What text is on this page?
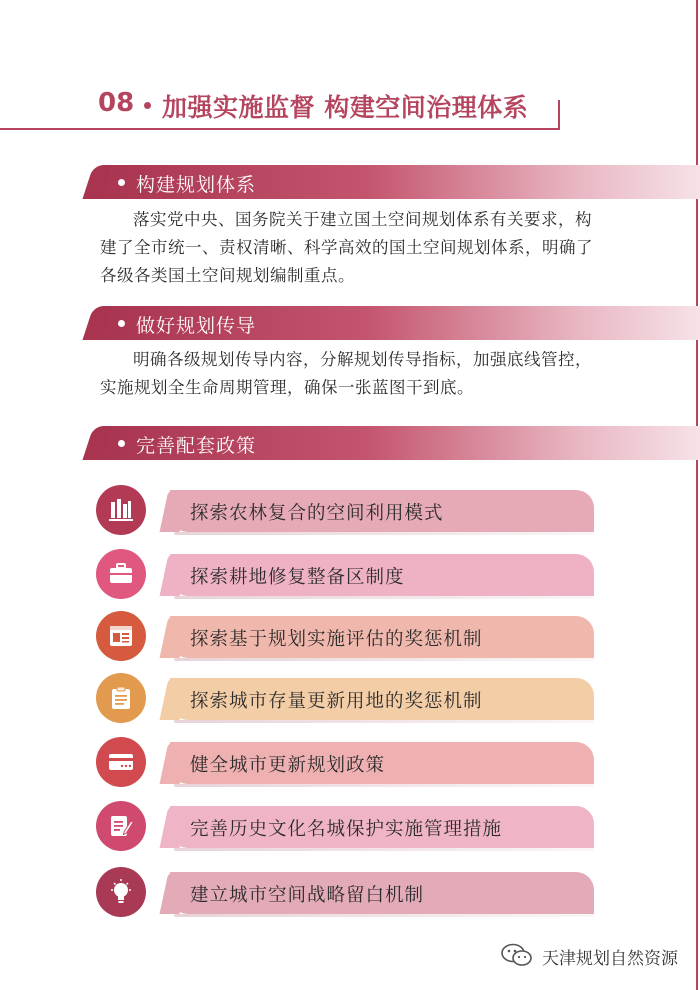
08 加强实施监督 构建空间治理体系
构建规划体系

落实党中央、国务院关于建立国土空间规划体系有关要求，构建了全市统一、责权清晰、科学高效的国土空间规划体系，明确了各级各类国土空间规划编制重点。

做好规划传导

明确各级规划传导内容，分解规划传导指标，加强底线管控，实施规划全生命周期管理，确保一张蓝图干到底。

完善配套政策
探索农林复合的空间利用模式
探索耕地修复整备区制度
探索基于规划实施评估的奖惩机制
探索城市存量更新用地的奖惩机制
健全城市更新规划政策
完善历史文化名城保护实施管理措施
建立城市空间战略留白机制
天津规划自然资源
